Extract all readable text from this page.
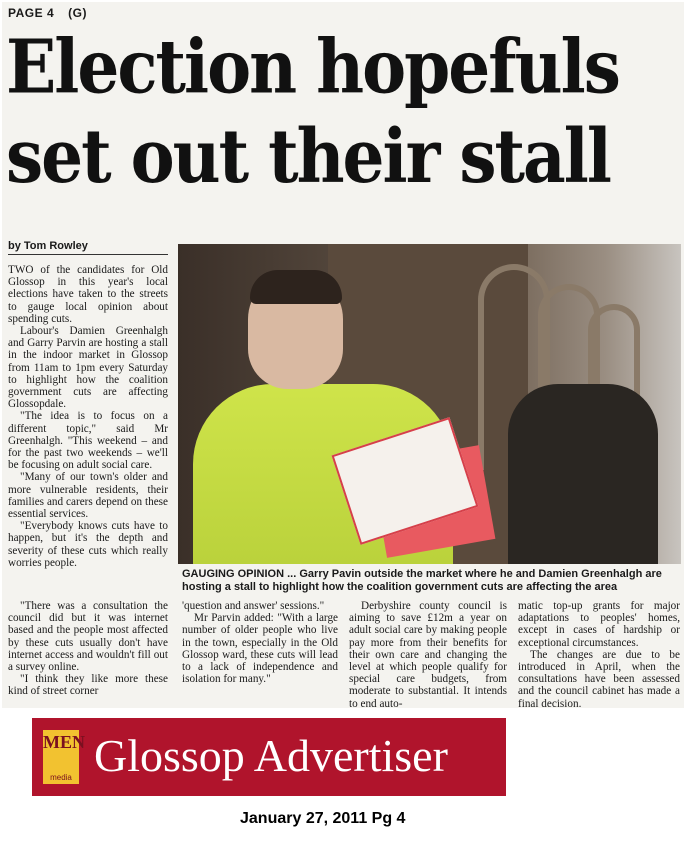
PAGE 4 (G)
Election hopefuls
set out their stall
by Tom Rowley

TWO of the candidates for Old Glossop in this year's local elections have taken to the streets to gauge local opinion about spending cuts.

Labour's Damien Greenhalgh and Garry Parvin are hosting a stall in the indoor market in Glossop from 11am to 1pm every Saturday to highlight how the coalition government cuts are affecting Glossopdale.

"The idea is to focus on a different topic," said Mr Greenhalgh. "This weekend – and for the past two weekends – we'll be focusing on adult social care.

"Many of our town's older and more vulnerable residents, their families and carers depend on these essential services.

"Everybody knows cuts have to happen, but it's the depth and severity of these cuts which really worries people.

GAUGING OPINION ... Garry Pavin outside the market where he and Damien Greenhalgh are hosting a stall to highlight how the coalition government cuts are affecting the area

"There was a consultation the council did but it was internet based and the people most affected by these cuts usually don't have internet access and wouldn't fill out a survey online.

"I think they like more these kind of street corner

'question and answer' sessions."

Mr Parvin added: "With a large number of older people who live in the town, especially in the Old Glossop ward, these cuts will lead to a lack of independence and isolation for many."

Derbyshire county council is aiming to save £12m a year on adult social care by making people pay more from their benefits for their own care and changing the level at which people qualify for special care budgets, from moderate to substantial. It intends to end auto-

matic top-up grants for major adaptations to peoples' homes, except in cases of hardship or exceptional circumstances.

The changes are due to be introduced in April, when the consultations have been assessed and the council cabinet has made a final decision.

MEN
media Glossop Advertiser
January 27, 2011 Pg 4
